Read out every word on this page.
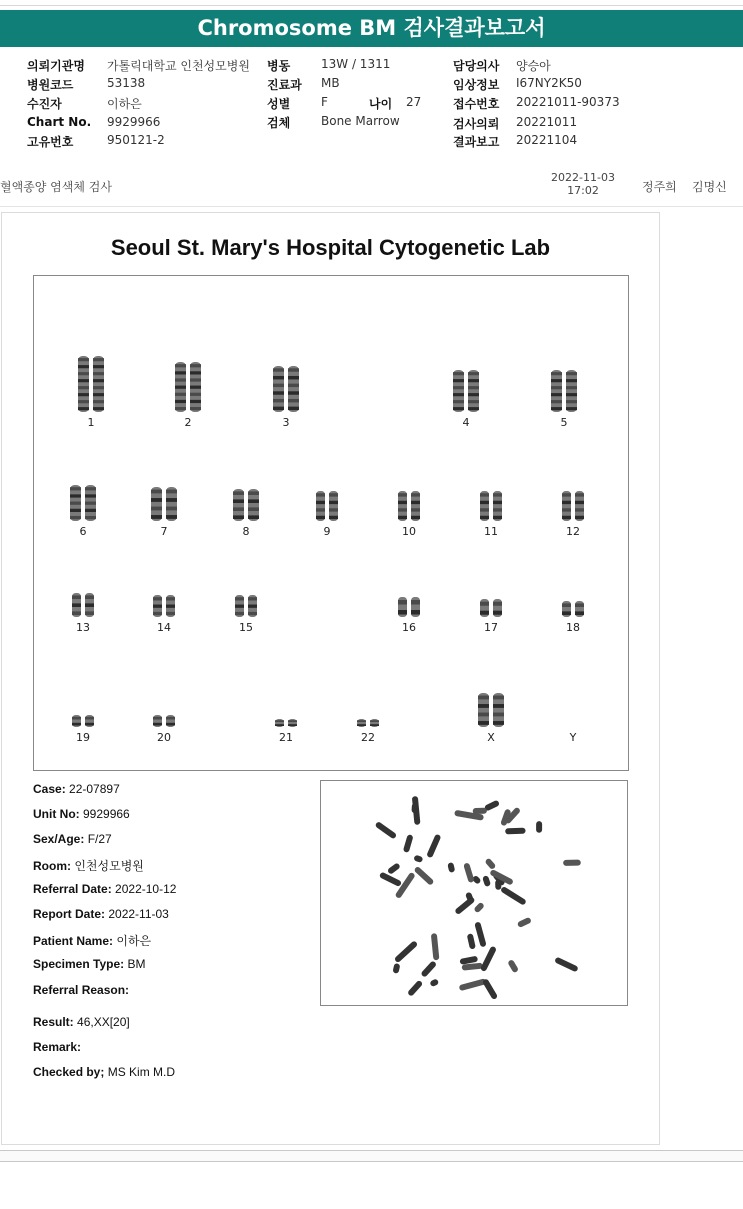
Chromosome BM 검사결과보고서
의뢰기관명 가톨릭대학교 인천성모병원
병원코드	53138
수진자	이하은
Chart No. 9929966
고유번호	950121-2
병동	13W / 1311
진료과 MB
성별	F	나이 27
검체	Bone Marrow
담당의사 양승아
임상정보 I67NY2K50
접수번호 20221011-90373
검사의뢰 20221011
결과보고 20221104
혈액종양 염색체 검사
2022-11-03
17:02	정주희 김명신
Seoul St. Mary's Hospital Cytogenetic Lab
1	2	3	4	5
6	7	8	9	10	11	12
13	14	15	16	17	18
19	20	21	22	X	Y
Case: 22-07897
Unit No: 9929966
Sex/Age: F/27
Room: 인천성모병원
Referral Date: 2022-10-12
Report Date: 2022-11-03
Patient Name: 이하은
Specimen Type: BM
Referral Reason:
Result: 46,XX[20]
Remark:
Checked by; MS Kim M.D
